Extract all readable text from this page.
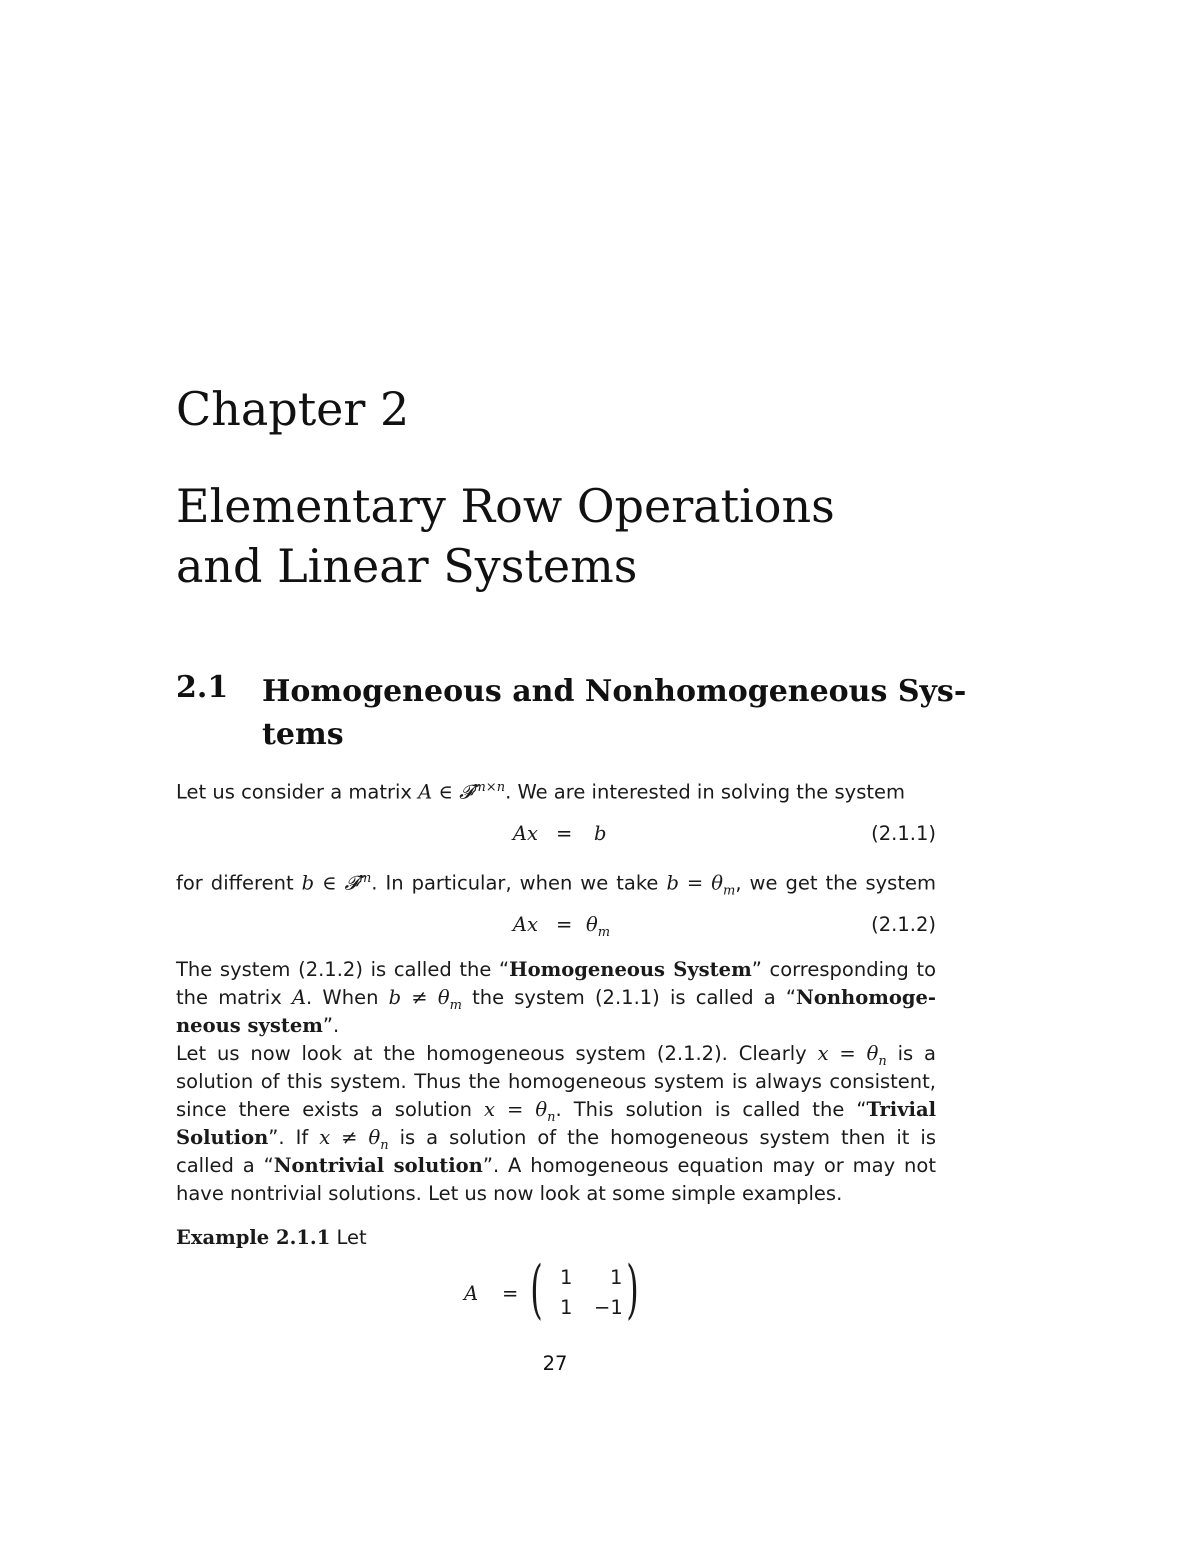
Chapter 2
Elementary Row Operations
and Linear Systems
2.1 Homogeneous and Nonhomogeneous Sys-
tems
Let us consider a matrix A ∈ 𝓕$^{m\times n}$. We are interested in solving the system
Ax = b	(2.1.1)
for different b ∈ 𝓕$^m$. In particular, when we take $b = \theta_m$, we get the system
$Ax = \theta_m$	(2.1.2)
The system (2.1.2) is called the “Homogeneous System” corresponding to
the matrix A. When $b \ne \theta_m$ the system (2.1.1) is called a “Nonhomoge-
neous system”.
Let us now look at the homogeneous system (2.1.2). Clearly $x = \theta_n$ is a
solution of this system. Thus the homogeneous system is always consistent,
since there exists a solution $x = \theta_n$. This solution is called the “Trivial
Solution”. If $x \ne \theta_n$ is a solution of the homogeneous system then it is
called a “Nontrivial solution”. A homogeneous equation may or may not
have nontrivial solutions. Let us now look at some simple examples.
Example 2.1.1 Let
A = ( 1 1
1 −1 )
27
